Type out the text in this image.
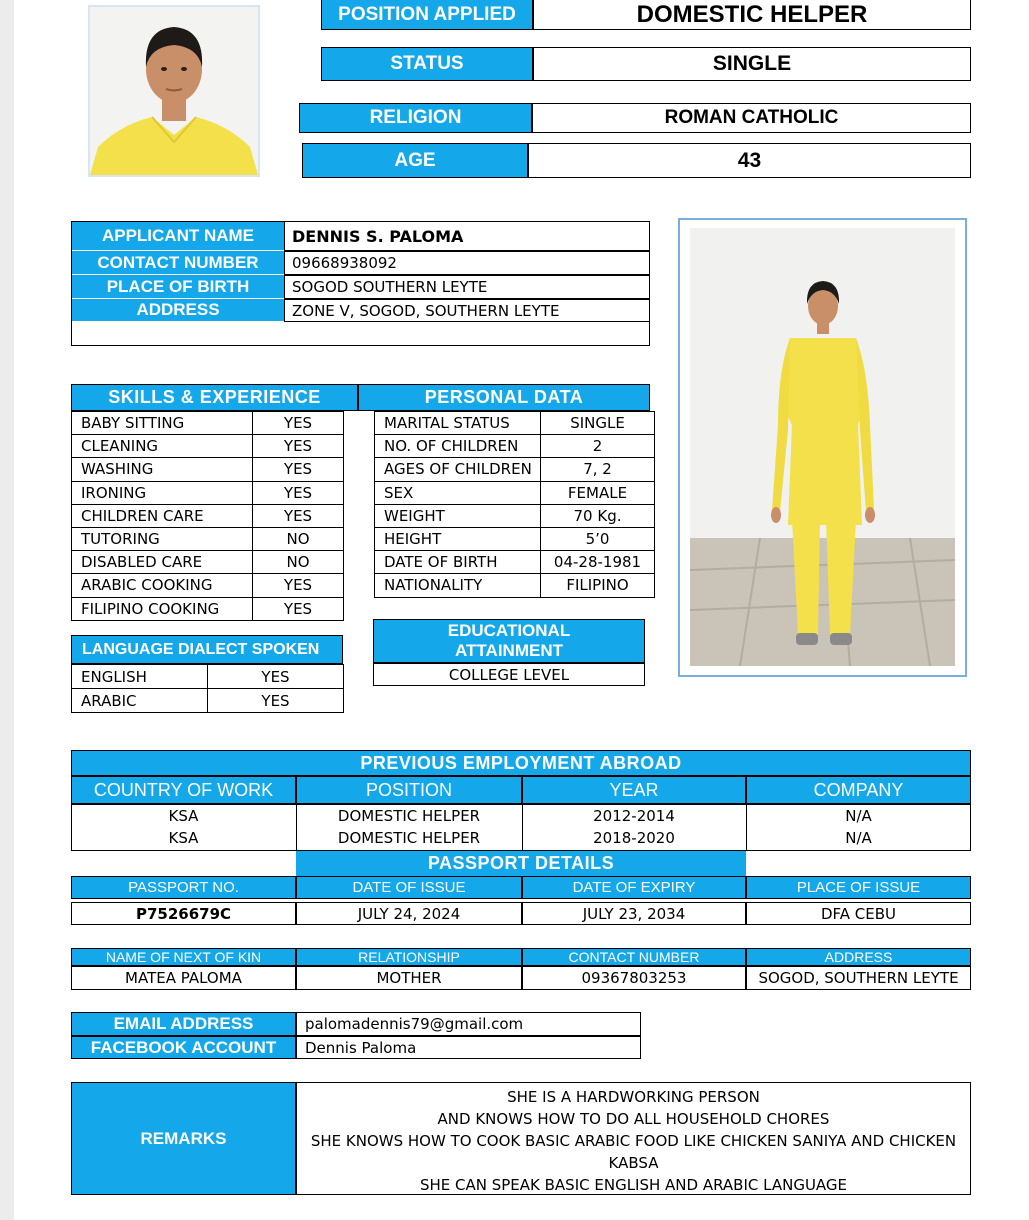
POSITION APPLIED	DOMESTIC HELPER
STATUS	SINGLE
RELIGION	ROMAN CATHOLIC
AGE	43
APPLICANT NAME	DENNIS S. PALOMA
CONTACT NUMBER	09668938092
PLACE OF BIRTH	SOGOD SOUTHERN LEYTE
ADDRESS	ZONE V, SOGOD, SOUTHERN LEYTE
SKILLS & EXPERIENCE
BABY SITTING	YES
CLEANING	YES
WASHING	YES
IRONING	YES
CHILDREN CARE	YES
TUTORING	NO
DISABLED CARE	NO
ARABIC COOKING	YES
FILIPINO COOKING	YES
PERSONAL DATA
MARITAL STATUS	SINGLE
NO. OF CHILDREN	2
AGES OF CHILDREN	7, 2
SEX	FEMALE
WEIGHT	70 Kg.
HEIGHT	5’0
DATE OF BIRTH	04-28-1981
NATIONALITY	FILIPINO
LANGUAGE DIALECT SPOKEN
ENGLISH	YES
ARABIC	YES
EDUCATIONAL ATTAINMENT
COLLEGE LEVEL
PREVIOUS EMPLOYMENT ABROAD
COUNTRY OF WORK	POSITION	YEAR	COMPANY
KSA	DOMESTIC HELPER	2012-2014	N/A
KSA	DOMESTIC HELPER	2018-2020	N/A
PASSPORT DETAILS
PASSPORT NO.	DATE OF ISSUE	DATE OF EXPIRY	PLACE OF ISSUE
P7526679C	JULY 24, 2024	JULY 23, 2034	DFA CEBU
NAME OF NEXT OF KIN	RELATIONSHIP	CONTACT NUMBER	ADDRESS
MATEA PALOMA	MOTHER	09367803253	SOGOD, SOUTHERN LEYTE
EMAIL ADDRESS	palomadennis79@gmail.com
FACEBOOK ACCOUNT	Dennis Paloma
REMARKS
SHE IS A HARDWORKING PERSON
AND KNOWS HOW TO DO ALL HOUSEHOLD CHORES
SHE KNOWS HOW TO COOK BASIC ARABIC FOOD LIKE CHICKEN SANIYA AND CHICKEN
KABSA
SHE CAN SPEAK BASIC ENGLISH AND ARABIC LANGUAGE
